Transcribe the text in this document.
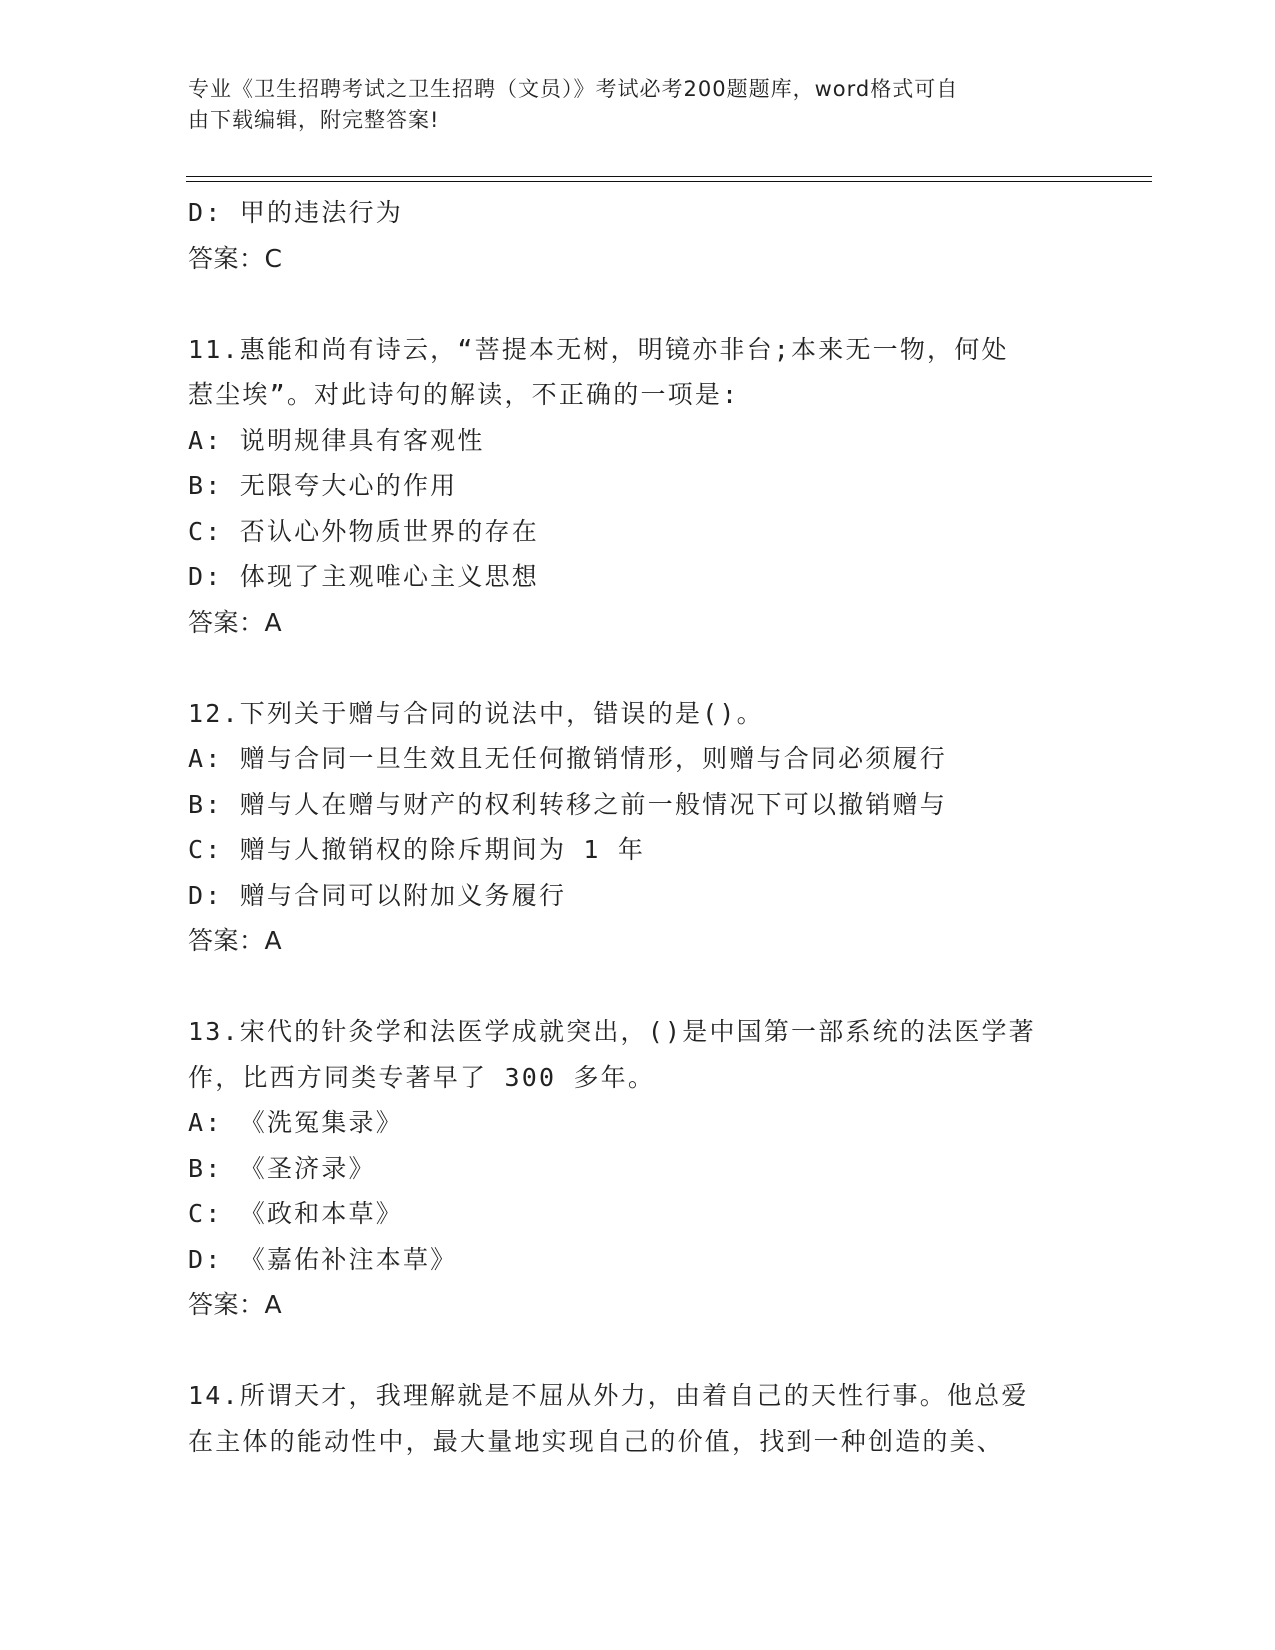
专业《卫生招聘考试之卫生招聘（文员）》考试必考200题题库，word格式可自
由下载编辑，附完整答案!
D: 甲的违法行为
答案：C
11.惠能和尚有诗云，“菩提本无树，明镜亦非台;本来无一物，何处
惹尘埃”。对此诗句的解读，不正确的一项是:
A: 说明规律具有客观性
B: 无限夸大心的作用
C: 否认心外物质世界的存在
D: 体现了主观唯心主义思想
答案：A
12.下列关于赠与合同的说法中，错误的是()。
A: 赠与合同一旦生效且无任何撤销情形，则赠与合同必须履行
B: 赠与人在赠与财产的权利转移之前一般情况下可以撤销赠与
C: 赠与人撤销权的除斥期间为 1 年
D: 赠与合同可以附加义务履行
答案：A
13.宋代的针灸学和法医学成就突出，()是中国第一部系统的法医学著
作，比西方同类专著早了 300 多年。
A: 《洗冤集录》
B: 《圣济录》
C: 《政和本草》
D: 《嘉佑补注本草》
答案：A
14.所谓天才，我理解就是不屈从外力，由着自己的天性行事。他总爱
在主体的能动性中，最大量地实现自己的价值，找到一种创造的美、
